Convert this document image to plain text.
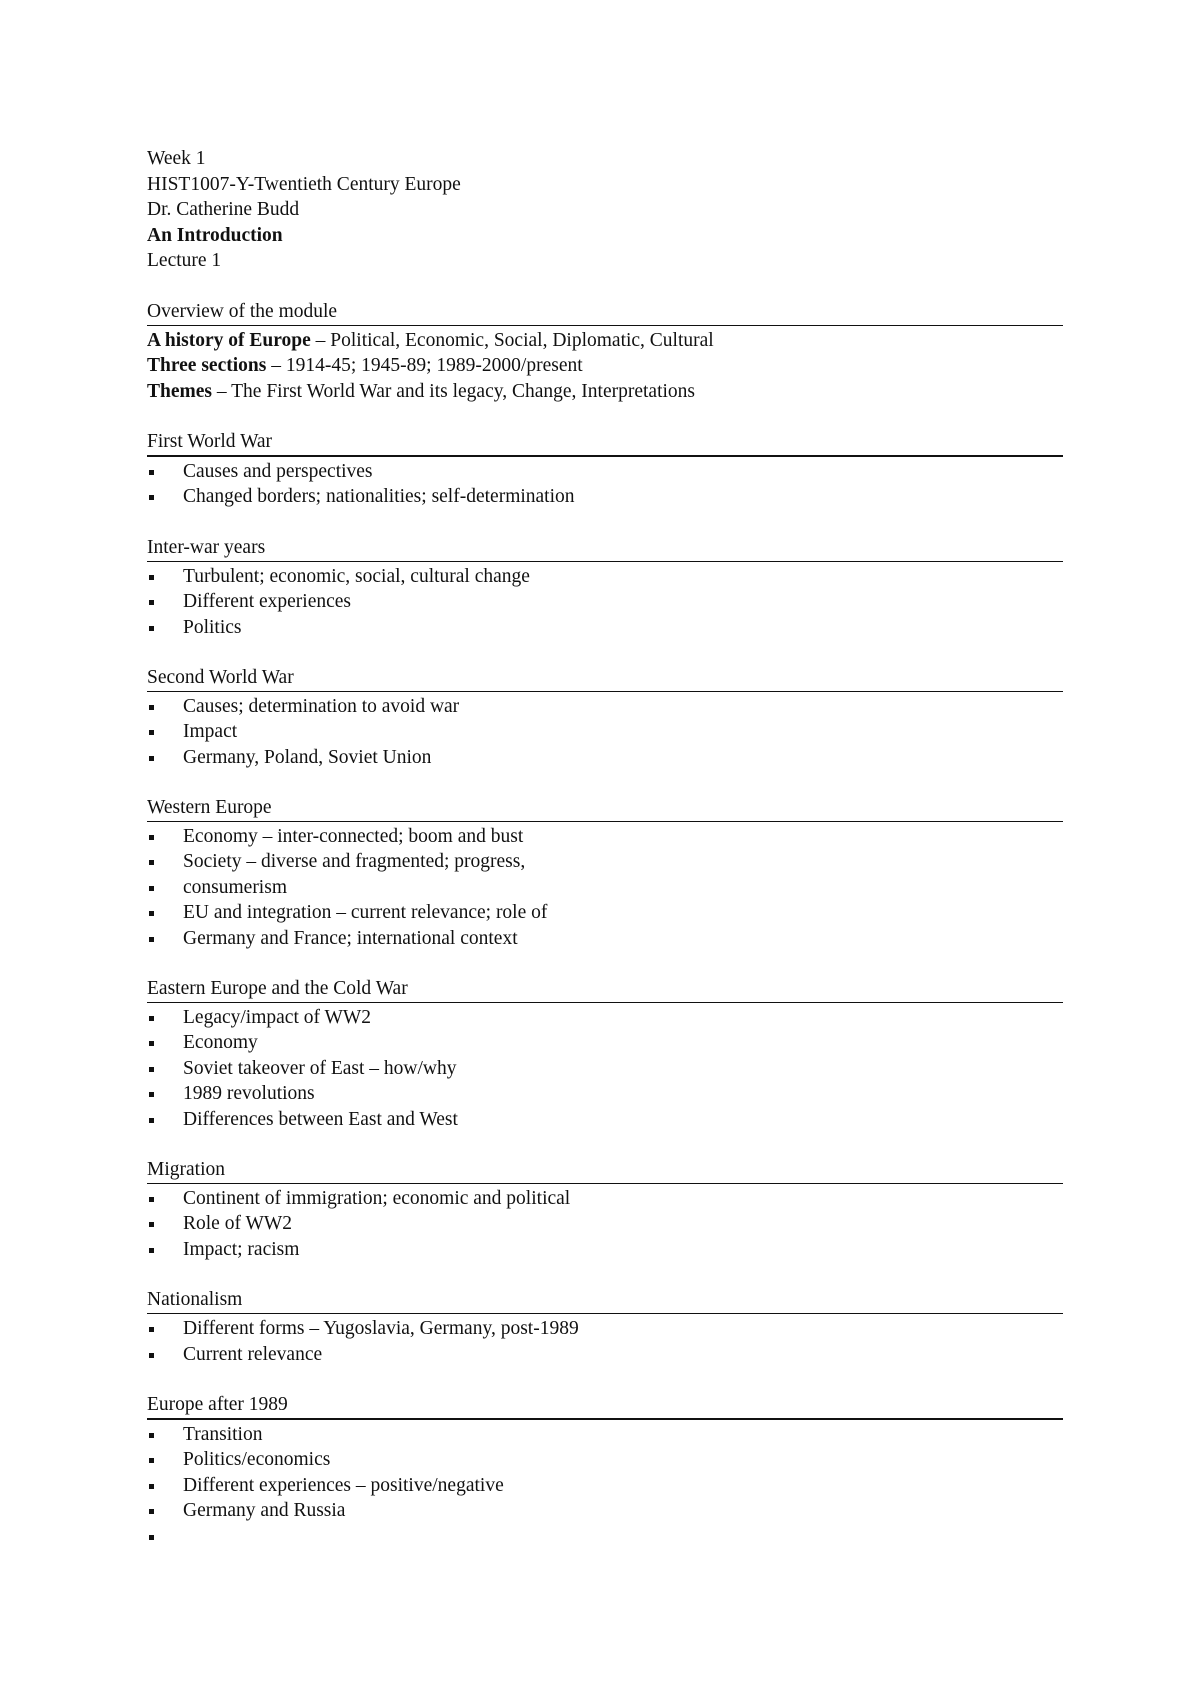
Week 1
HIST1007-Y-Twentieth Century Europe
Dr. Catherine Budd
An Introduction
Lecture 1
Overview of the module
A history of Europe – Political, Economic, Social, Diplomatic, Cultural
Three sections – 1914-45; 1945-89; 1989-2000/present
Themes – The First World War and its legacy, Change, Interpretations
First World War
Causes and perspectives
Changed borders; nationalities; self-determination
Inter-war years
Turbulent; economic, social, cultural change
Different experiences
Politics
Second World War
Causes; determination to avoid war
Impact
Germany, Poland, Soviet Union
Western Europe
Economy – inter-connected; boom and bust
Society – diverse and fragmented; progress,
consumerism
EU and integration – current relevance; role of
Germany and France; international context
Eastern Europe and the Cold War
Legacy/impact of WW2
Economy
Soviet takeover of East – how/why
1989 revolutions
Differences between East and West
Migration
Continent of immigration; economic and political
Role of WW2
Impact; racism
Nationalism
Different forms – Yugoslavia, Germany, post-1989
Current relevance
Europe after 1989
Transition
Politics/economics
Different experiences – positive/negative
Germany and Russia
